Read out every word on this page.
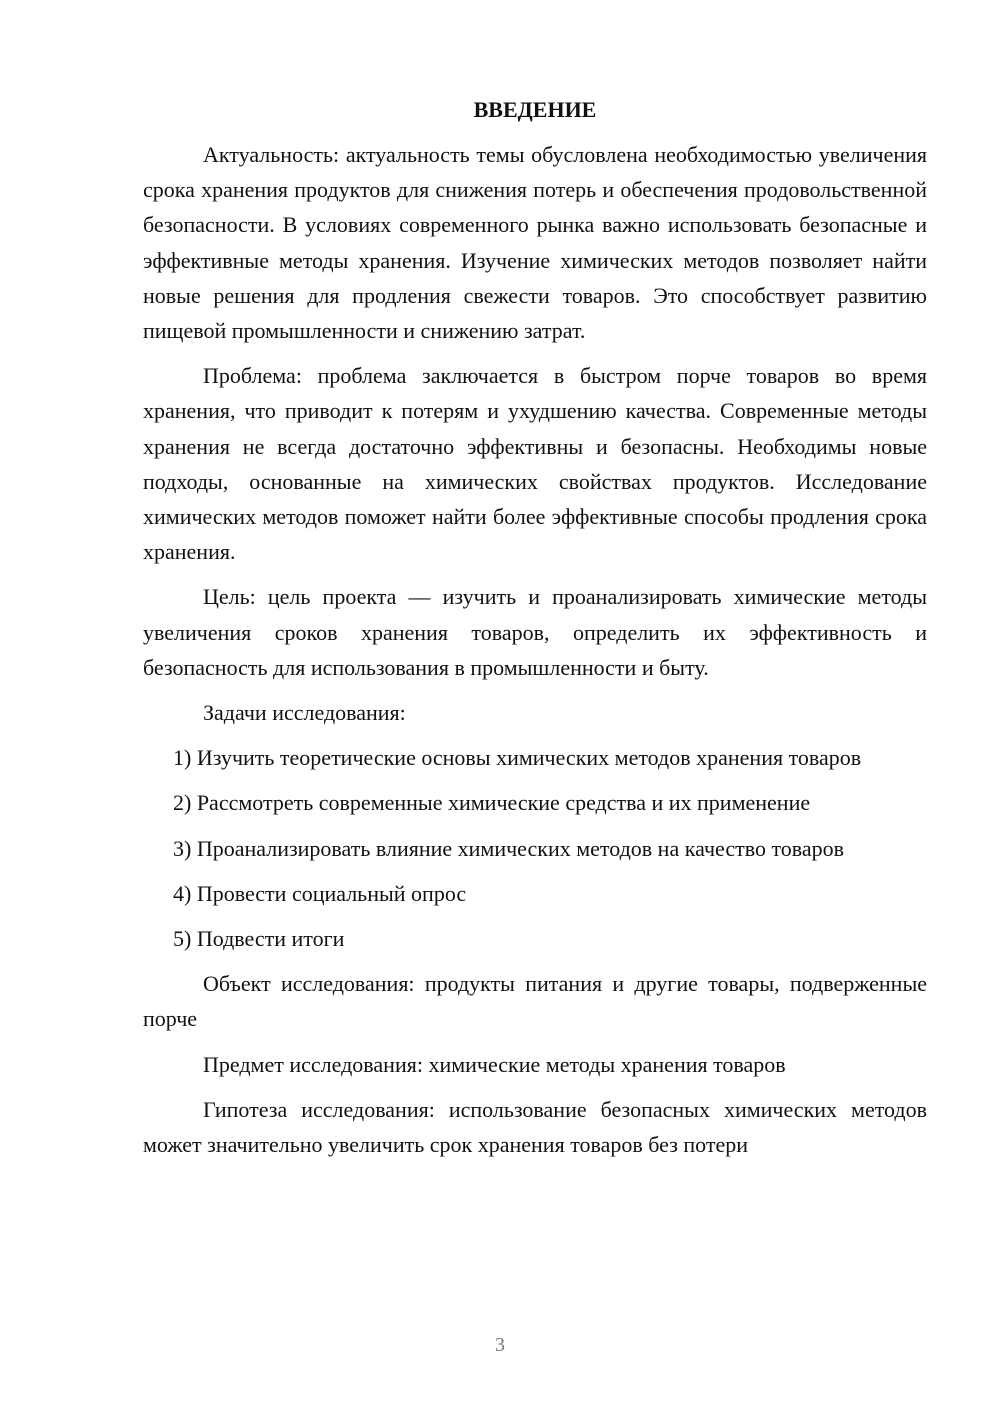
ВВЕДЕНИЕ

Актуальность: актуальность темы обусловлена необходимостью увеличения срока хранения продуктов для снижения потерь и обеспечения продовольственной безопасности. В условиях современного рынка важно использовать безопасные и эффективные методы хранения. Изучение химических методов позволяет найти новые решения для продления свежести товаров. Это способствует развитию пищевой промышленности и снижению затрат.

Проблема: проблема заключается в быстром порче товаров во время хранения, что приводит к потерям и ухудшению качества. Современные методы хранения не всегда достаточно эффективны и безопасны. Необходимы новые подходы, основанные на химических свойствах продуктов. Исследование химических методов поможет найти более эффективные способы продления срока хранения.

Цель: цель проекта — изучить и проанализировать химические методы увеличения сроков хранения товаров, определить их эффективность и безопасность для использования в промышленности и быту.

Задачи исследования:

1) Изучить теоретические основы химических методов хранения товаров

2) Рассмотреть современные химические средства и их применение

3) Проанализировать влияние химических методов на качество товаров

4) Провести социальный опрос

5) Подвести итоги

Объект исследования: продукты питания и другие товары, подверженные порче

Предмет исследования: химические методы хранения товаров

Гипотеза исследования: использование безопасных химических методов может значительно увеличить срок хранения товаров без потери

3
